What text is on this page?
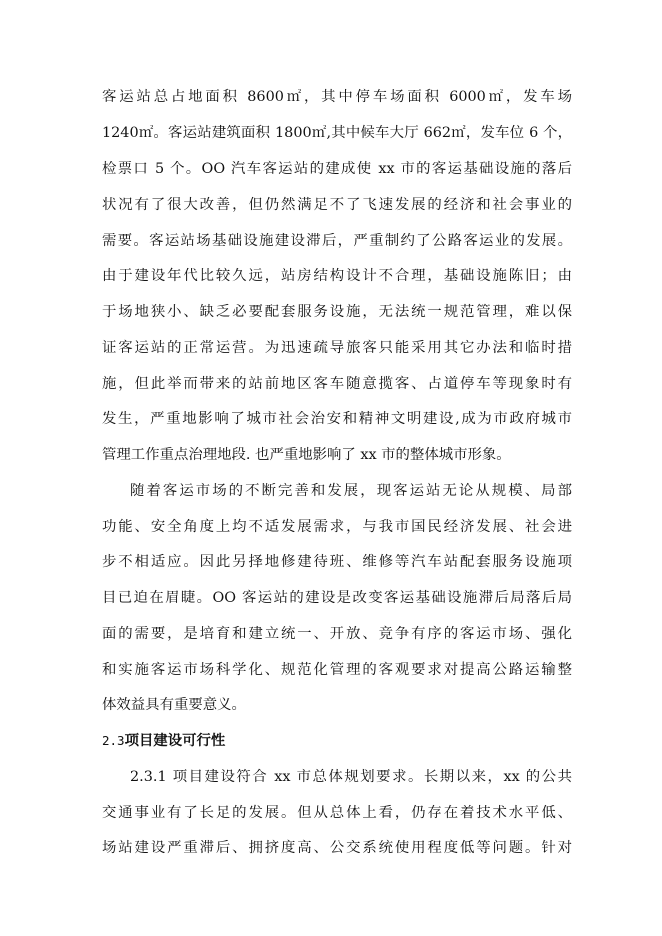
客运站总占地面积 8600㎡，其中停车场面积 6000㎡，发车场
1240㎡。客运站建筑面积 1800㎡,其中候车大厅 662㎡，发车位 6 个，
检票口 5 个。OO 汽车客运站的建成使 xx 市的客运基础设施的落后
状况有了很大改善，但仍然满足不了飞速发展的经济和社会事业的
需要。客运站场基础设施建设滞后，严重制约了公路客运业的发展。
由于建设年代比较久远，站房结构设计不合理，基础设施陈旧；由
于场地狭小、缺乏必要配套服务设施，无法统一规范管理，难以保
证客运站的正常运营。为迅速疏导旅客只能采用其它办法和临时措
施，但此举而带来的站前地区客车随意揽客、占道停车等现象时有
发生，严重地影响了城市社会治安和精神文明建设,成为市政府城市
管理工作重点治理地段. 也严重地影响了 xx 市的整体城市形象。
随着客运市场的不断完善和发展，现客运站无论从规模、局部
功能、安全角度上均不适发展需求，与我市国民经济发展、社会进
步不相适应。因此另择地修建待班、维修等汽车站配套服务设施项
目已迫在眉睫。OO 客运站的建设是改变客运基础设施滞后局落后局
面的需要，是培育和建立统一、开放、竞争有序的客运市场、强化
和实施客运市场科学化、规范化管理的客观要求对提高公路运输整
体效益具有重要意义。
2.3项目建设可行性
2.3.1 项目建设符合 xx 市总体规划要求。长期以来，xx 的公共
交通事业有了长足的发展。但从总体上看，仍存在着技术水平低、
场站建设严重滞后、拥挤度高、公交系统使用程度低等问题。针对
